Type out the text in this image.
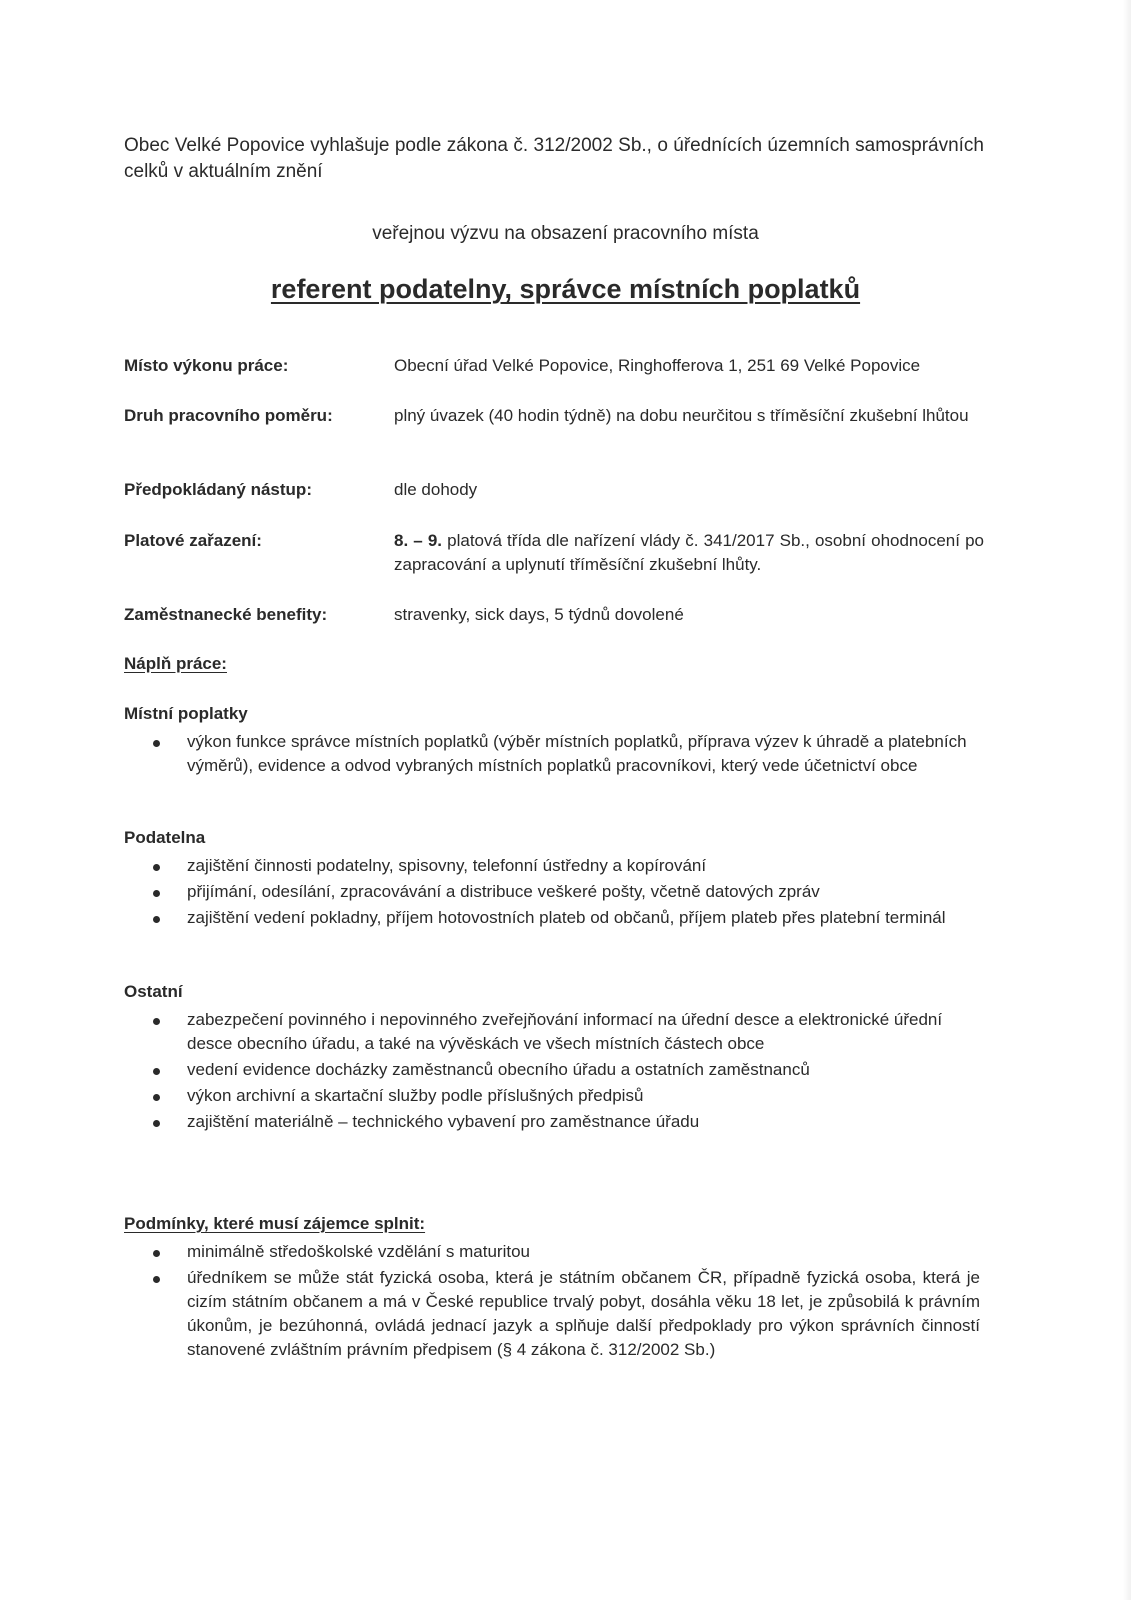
Obec Velké Popovice vyhlašuje podle zákona č. 312/2002 Sb., o úřednících územních samosprávních celků v aktuálním znění
veřejnou výzvu na obsazení pracovního místa
referent podatelny, správce místních poplatků
Místo výkonu práce:	Obecní úřad Velké Popovice, Ringhofferova 1, 251 69 Velké Popovice
Druh pracovního poměru:	plný úvazek (40 hodin týdně) na dobu neurčitou s tříměsíční zkušební lhůtou
Předpokládaný nástup:	dle dohody
Platové zařazení:	8. – 9. platová třída dle nařízení vlády č. 341/2017 Sb., osobní ohodnocení po zapracování a uplynutí tříměsíční zkušební lhůty.
Zaměstnanecké benefity:	stravenky, sick days, 5 týdnů dovolené
Náplň práce:
Místní poplatky
výkon funkce správce místních poplatků (výběr místních poplatků, příprava výzev k úhradě a platebních výměrů), evidence a odvod vybraných místních poplatků pracovníkovi, který vede účetnictví obce
Podatelna
zajištění činnosti podatelny, spisovny, telefonní ústředny a kopírování
přijímání, odesílání, zpracovávání a distribuce veškeré pošty, včetně datových zpráv
zajištění vedení pokladny, příjem hotovostních plateb od občanů, příjem plateb přes platební terminál
Ostatní
zabezpečení povinného i nepovinného zveřejňování informací na úřední desce a elektronické úřední desce obecního úřadu, a také na vývěskách ve všech místních částech obce
vedení evidence docházky zaměstnanců obecního úřadu a ostatních zaměstnanců
výkon archivní a skartační služby podle příslušných předpisů
zajištění materiálně – technického vybavení pro zaměstnance úřadu
Podmínky, které musí zájemce splnit:
minimálně středoškolské vzdělání s maturitou
úředníkem se může stát fyzická osoba, která je státním občanem ČR, případně fyzická osoba, která je cizím státním občanem a má v České republice trvalý pobyt, dosáhla věku 18 let, je způsobilá k právním úkonům, je bezúhonná, ovládá jednací jazyk a splňuje další předpoklady pro výkon správních činností stanovené zvláštním právním předpisem (§ 4 zákona č. 312/2002 Sb.)
